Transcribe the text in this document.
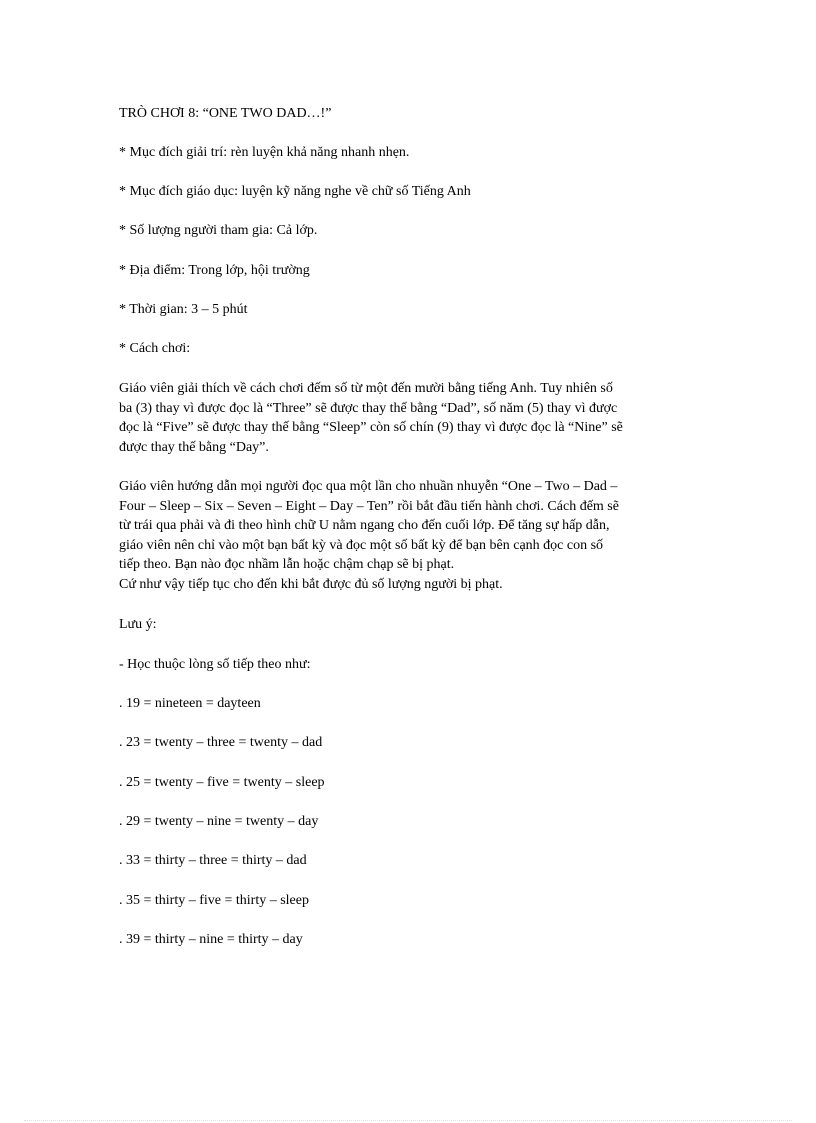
TRÒ CHƠI 8: “ONE TWO DAD…!”
* Mục đích giải trí: rèn luyện khả năng nhanh nhẹn.
* Mục đích giáo dục: luyện kỹ năng nghe về chữ số Tiếng Anh
* Số lượng người tham gia: Cả lớp.
* Địa điểm: Trong lớp, hội trường
* Thời gian: 3 – 5 phút
* Cách chơi:
Giáo viên giải thích về cách chơi đếm số từ một đến mười bằng tiếng Anh. Tuy nhiên số
ba (3) thay vì được đọc là “Three” sẽ được thay thế bằng “Dad”, số năm (5) thay vì được
đọc là “Five” sẽ được thay thế bằng “Sleep” còn số chín (9) thay vì được đọc là “Nine” sẽ
được thay thế bằng “Day”.
Giáo viên hướng dẫn mọi người đọc qua một lần cho nhuần nhuyễn “One – Two – Dad –
Four – Sleep – Six – Seven – Eight – Day – Ten” rồi bắt đầu tiến hành chơi. Cách đếm sẽ
từ trái qua phải và đi theo hình chữ U nằm ngang cho đến cuối lớp. Để tăng sự hấp dẫn,
giáo viên nên chỉ vào một bạn bất kỳ và đọc một số bất kỳ để bạn bên cạnh đọc con số
tiếp theo. Bạn nào đọc nhầm lẫn hoặc chậm chạp sẽ bị phạt.
Cứ như vậy tiếp tục cho đến khi bắt được đủ số lượng người bị phạt.
Lưu ý:
- Học thuộc lòng số tiếp theo như:
. 19 = nineteen = dayteen
. 23 = twenty – three = twenty – dad
. 25 = twenty – five = twenty – sleep
. 29 = twenty – nine = twenty – day
. 33 = thirty – three = thirty – dad
. 35 = thirty – five = thirty – sleep
. 39 = thirty – nine = thirty – day
